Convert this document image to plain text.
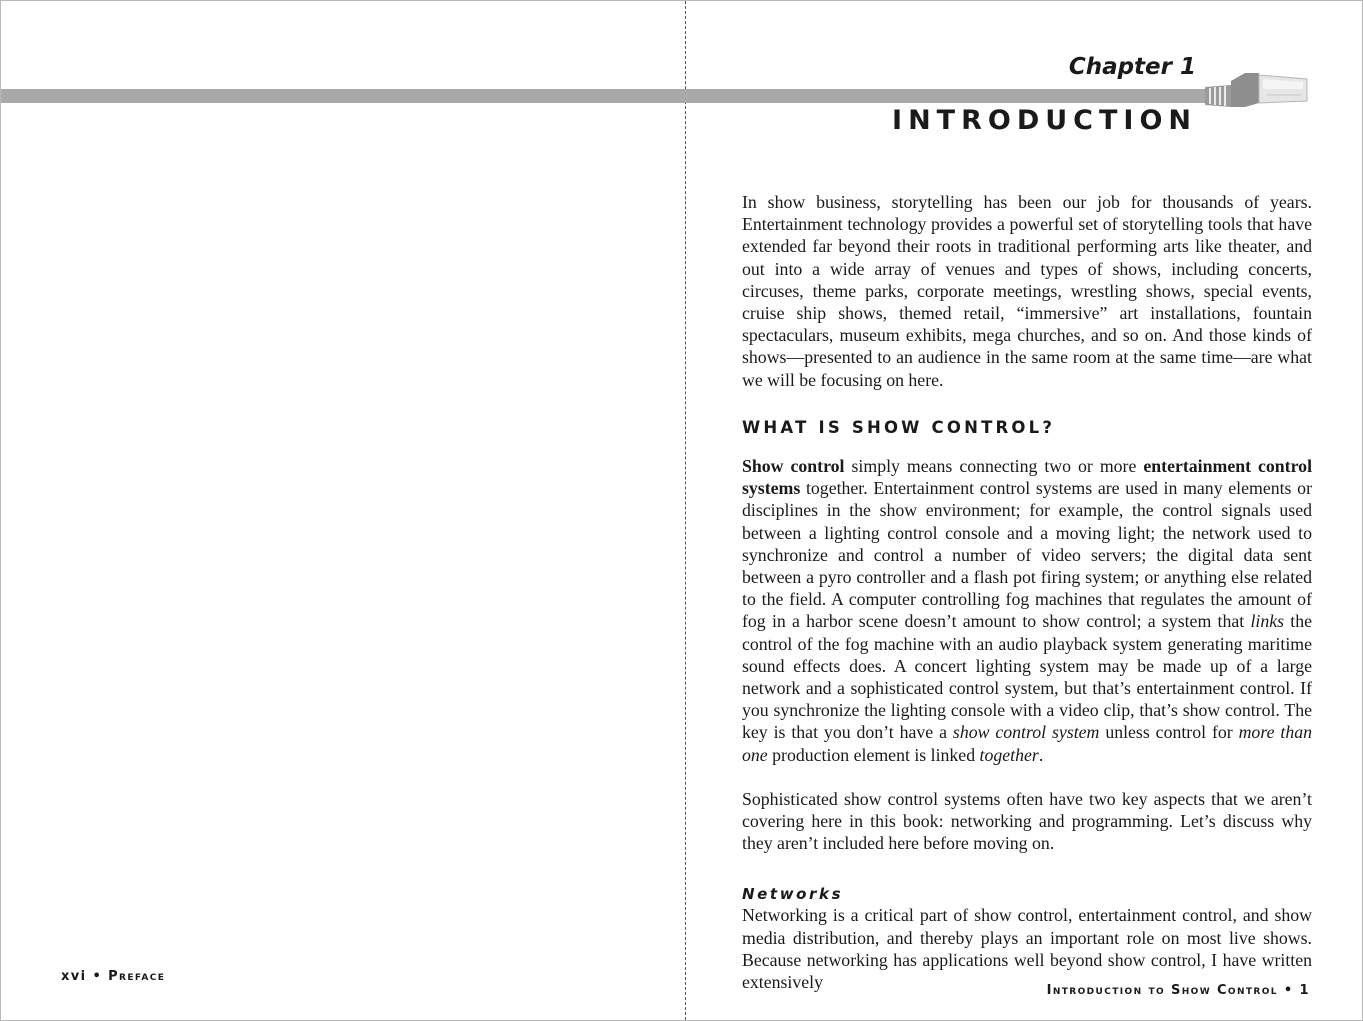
Chapter 1
INTRODUCTION

In show business, storytelling has been our job for thousands of years. Entertainment technology provides a powerful set of storytelling tools that have extended far beyond their roots in traditional performing arts like theater, and out into a wide array of venues and types of shows, including concerts, circuses, theme parks, corporate meetings, wrestling shows, special events, cruise ship shows, themed retail, “immersive” art installations, fountain spectaculars, museum exhibits, mega churches, and so on. And those kinds of shows—presented to an audience in the same room at the same time—are what we will be focusing on here.

WHAT IS SHOW CONTROL?

Show control simply means connecting two or more entertainment control systems together. Entertainment control systems are used in many elements or disciplines in the show environment; for example, the control signals used between a lighting control console and a moving light; the network used to synchronize and control a number of video servers; the digital data sent between a pyro controller and a flash pot firing system; or anything else related to the field. A computer controlling fog machines that regulates the amount of fog in a harbor scene doesn’t amount to show control; a system that links the control of the fog machine with an audio playback system generating maritime sound effects does. A concert lighting system may be made up of a large network and a sophisticated control system, but that’s entertainment control. If you synchronize the lighting console with a video clip, that’s show control. The key is that you don’t have a show control system unless control for more than one production element is linked together.

Sophisticated show control systems often have two key aspects that we aren’t covering here in this book: networking and programming. Let’s discuss why they aren’t included here before moving on.

Networks

Networking is a critical part of show control, entertainment control, and show media distribution, and thereby plays an important role on most live shows. Because networking has applications well beyond show control, I have written extensively

xvi • Preface
Introduction to Show Control • 1
